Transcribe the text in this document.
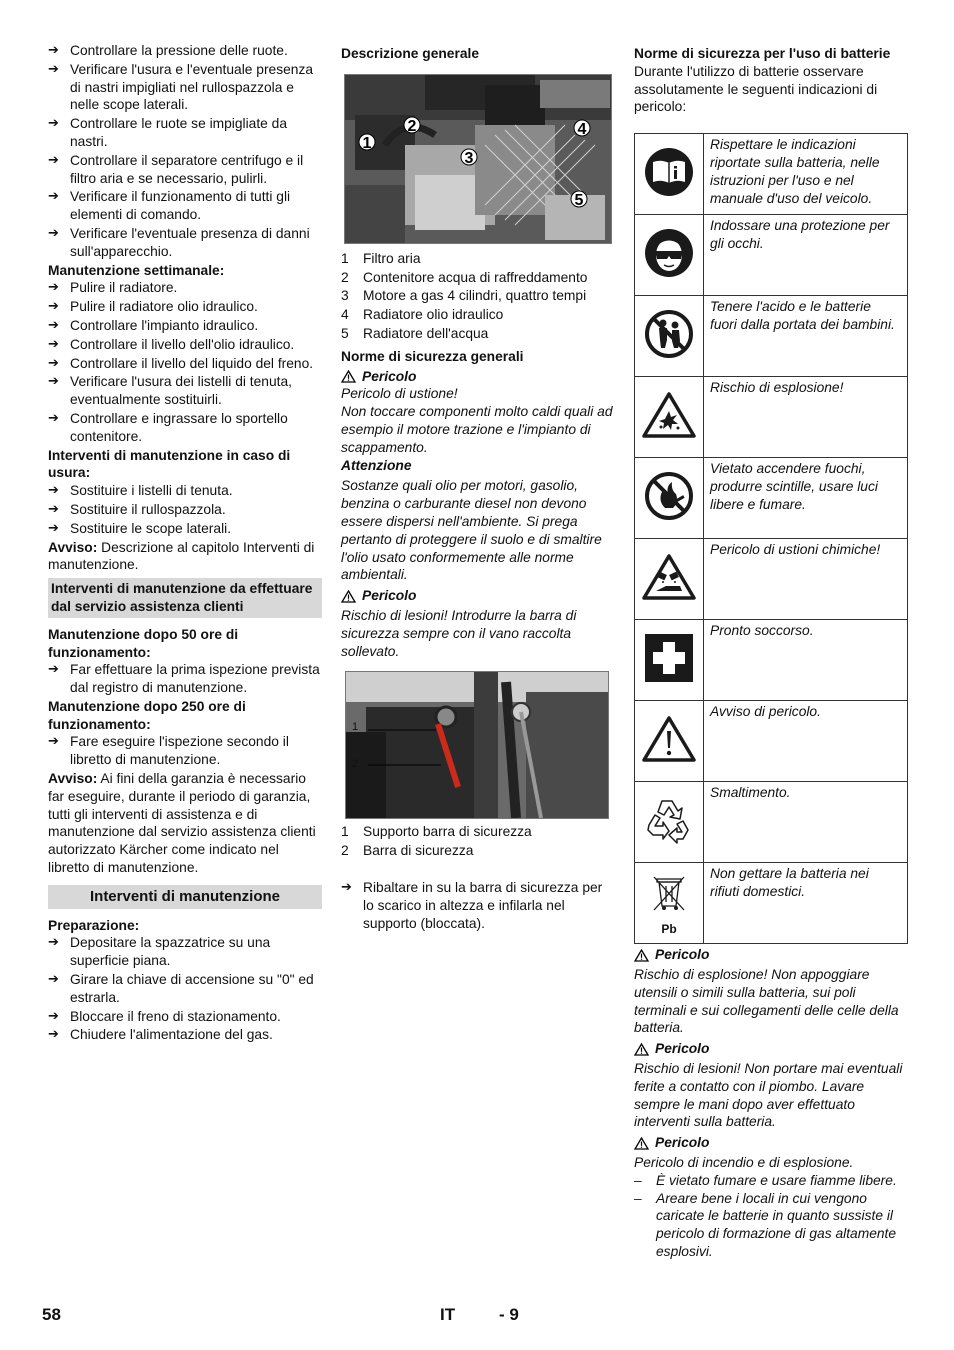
➔ Controllare la pressione delle ruote.

➔ Verificare l'usura e l'eventuale presenza di nastri impigliati nel rullospazzola e nelle scope laterali.

➔ Controllare le ruote se impigliate da nastri.

➔ Controllare il separatore centrifugo e il filtro aria e se necessario, pulirli.

➔ Verificare il funzionamento di tutti gli elementi di comando.

➔ Verificare l'eventuale presenza di danni sull'apparecchio.

Manutenzione settimanale:

➔ Pulire il radiatore.

➔ Pulire il radiatore olio idraulico.

➔ Controllare l'impianto idraulico.

➔ Controllare il livello dell'olio idraulico.

➔ Controllare il livello del liquido del freno.

➔ Verificare l'usura dei listelli di tenuta, eventualmente sostituirli.

➔ Controllare e ingrassare lo sportello contenitore.

Interventi di manutenzione in caso di usura:

➔ Sostituire i listelli di tenuta.

➔ Sostituire il rullospazzola.

➔ Sostituire le scope laterali.

Avviso: Descrizione al capitolo Interventi di manutenzione.

Interventi di manutenzione da effettuare dal servizio assistenza clienti

Manutenzione dopo 50 ore di funzionamento:

➔ Far effettuare la prima ispezione prevista dal registro di manutenzione.

Manutenzione dopo 250 ore di funzionamento:

➔ Fare eseguire l'ispezione secondo il libretto di manutenzione.

Avviso: Ai fini della garanzia è necessario far eseguire, durante il periodo di garanzia, tutti gli interventi di assistenza e di manutenzione dal servizio assistenza clienti autorizzato Kärcher come indicato nel libretto di manutenzione.

Interventi di manutenzione

Preparazione:

➔ Depositare la spazzatrice su una superficie piana.

➔ Girare la chiave di accensione su "0" ed estrarla.

➔ Bloccare il freno di stazionamento.

➔ Chiudere l'alimentazione del gas.

Descrizione generale

1
2
3
4
5
1	Filtro aria
2	Contenitore acqua di raffreddamento
3	Motore a gas 4 cilindri, quattro tempi
4	Radiatore olio idraulico
5	Radiatore dell'acqua

Norme di sicurezza generali

Pericolo

Pericolo di ustione!

Non toccare componenti molto caldi quali ad esempio il motore trazione e l'impianto di scappamento.

Attenzione

Sostanze quali olio per motori, gasolio, benzina o carburante diesel non devono essere dispersi nell'ambiente. Si prega pertanto di proteggere il suolo e di smaltire l'olio usato conformemente alle norme ambientali.

Pericolo

Rischio di lesioni! Introdurre la barra di sicurezza sempre con il vano raccolta sollevato.

1
2
1	Supporto barra di sicurezza
2	Barra di sicurezza

➔ Ribaltare in su la barra di sicurezza per lo scarico in altezza e infilarla nel supporto (bloccata).

Norme di sicurezza per l'uso di batterie

Durante l'utilizzo di batterie osservare assolutamente le seguenti indicazioni di pericolo:

	Rispettare le indicazioni riportate sulla batteria, nelle istruzioni per l'uso e nel manuale d'uso del veicolo.
	Indossare una protezione per gli occhi.
	Tenere l'acido e le batterie fuori dalla portata dei bambini.
	Rischio di esplosione!
	Vietato accendere fuochi, produrre scintille, usare luci libere e fumare.
	Pericolo di ustioni chimiche!
	Pronto soccorso.
	Avviso di pericolo.
	Smaltimento.

Pb	Non gettare la batteria nei rifiuti domestici.

Pericolo

Rischio di esplosione! Non appoggiare utensili o simili sulla batteria, sui poli terminali e sui collegamenti delle celle della batteria.

Pericolo

Rischio di lesioni! Non portare mai eventuali ferite a contatto con il piombo. Lavare sempre le mani dopo aver effettuato interventi sulla batteria.

Pericolo

Pericolo di incendio e di esplosione.

– È vietato fumare e usare fiamme libere.

– Areare bene i locali in cui vengono caricate le batterie in quanto sussiste il pericolo di formazione di gas altamente esplosivi.

58	IT	- 9
